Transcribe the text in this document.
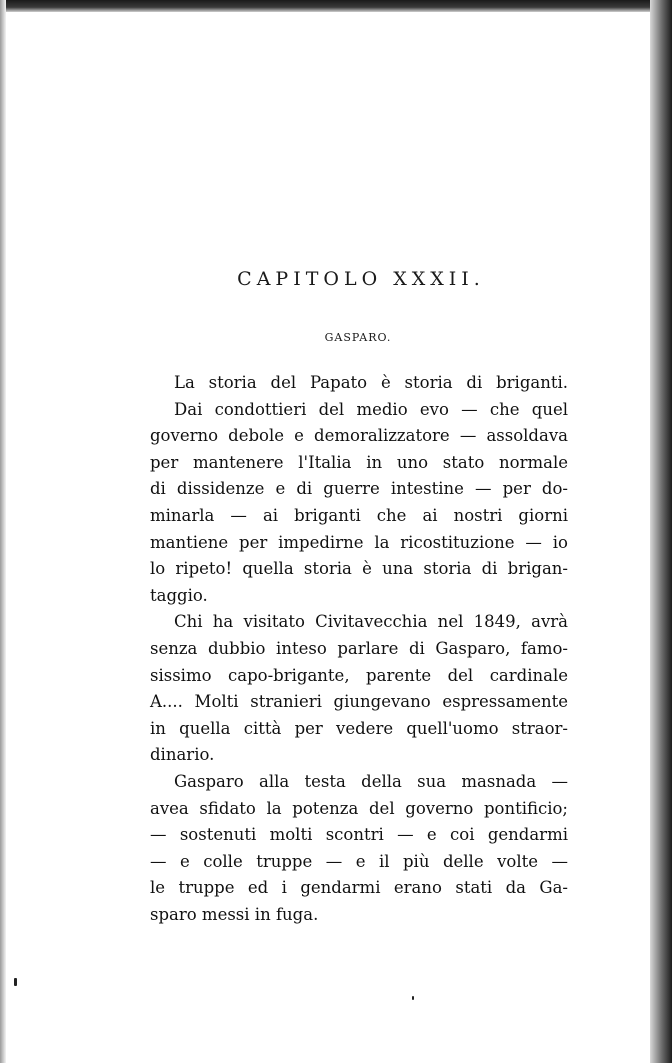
CAPITOLO XXXII.
GASPARO.
La storia del Papato è storia di briganti.
Dai condottieri del medio evo — che quel
governo debole e demoralizzatore — assoldava
per mantenere l'Italia in uno stato normale
di dissidenze e di guerre intestine — per do-
minarla — ai briganti che ai nostri giorni
mantiene per impedirne la ricostituzione — io
lo ripeto! quella storia è una storia di brigan-
taggio.
Chi ha visitato Civitavecchia nel 1849, avrà
senza dubbio inteso parlare di Gasparo, famo-
sissimo capo-brigante, parente del cardinale
A.... Molti stranieri giungevano espressamente
in quella città per vedere quell'uomo straor-
dinario.
Gasparo alla testa della sua masnada —
avea sfidato la potenza del governo pontificio;
— sostenuti molti scontri — e coi gendarmi
— e colle truppe — e il più delle volte —
le truppe ed i gendarmi erano stati da Ga-
sparo messi in fuga.
